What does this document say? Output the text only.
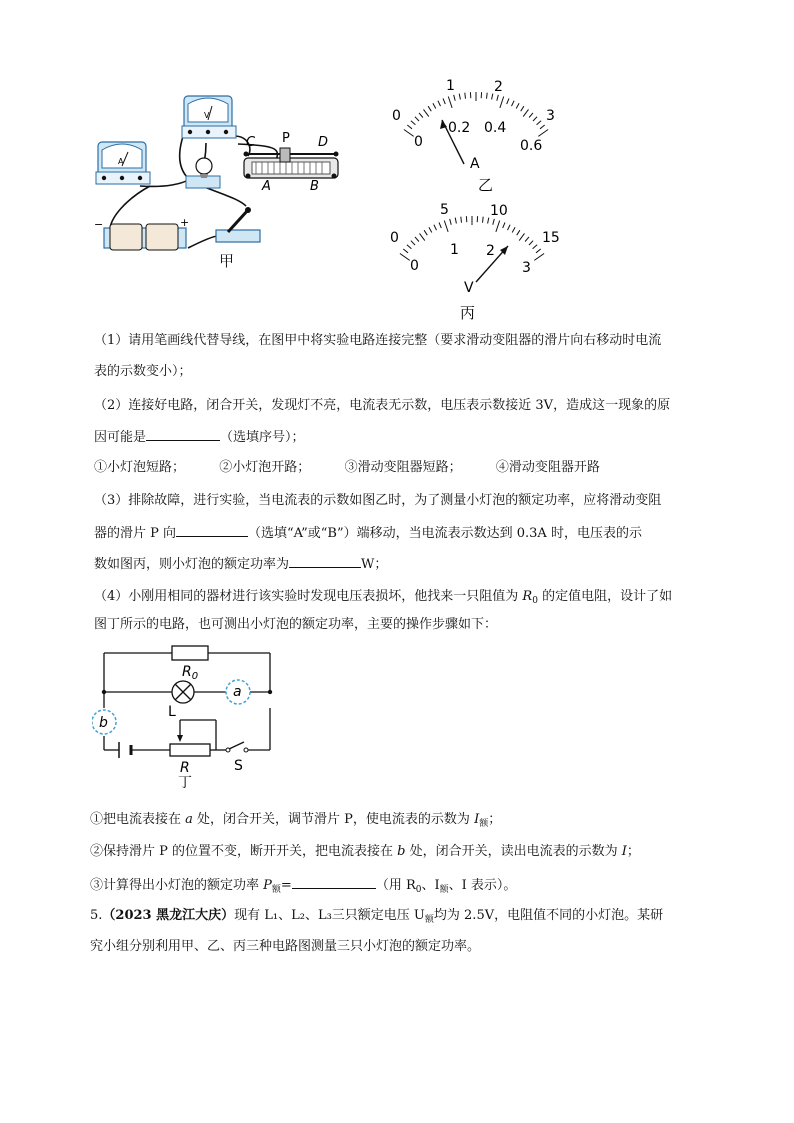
A
V
C P D
A	B
−	+
甲
0
1	2
3
0
0.2 0.4
0.6
A
乙
0
5	10
15
0
1 2
3
V
丙
（1）请用笔画线代替导线，在图甲中将实验电路连接完整（要求滑动变阻器的滑片向右移动时电流
表的示数变小）；
（2）连接好电路，闭合开关，发现灯不亮，电流表无示数，电压表示数接近 3V，造成这一现象的原
因可能是	（选填序号）；
①小灯泡短路；	②小灯泡开路；	③滑动变阻器短路；	④滑动变阻器开路
（3）排除故障，进行实验，当电流表的示数如图乙时，为了测量小灯泡的额定功率，应将滑动变阻
器的滑片 P 向	（选填“A”或“B”）端移动，当电流表示数达到 0.3A 时，电压表的示
数如图丙，则小灯泡的额定功率为	W；
（4）小刚用相同的器材进行该实验时发现电压表损坏，他找来一只阻值为 $R_0$ 的定值电阻，设计了如
图丁所示的电路，也可测出小灯泡的额定功率，主要的操作步骤如下：
$R_0$
L
a
b
R	S
丁
①把电流表接在 a 处，闭合开关，调节滑片 P，使电流表的示数为 $I_额$；
②保持滑片 P 的位置不变，断开开关，把电流表接在 b 处，闭合开关，读出电流表的示数为 I；
③计算得出小灯泡的额定功率 $P_额=$	（用 $R_0$、$I_额$、I 表示）。
5.（2023 黑龙江大庆）现有 L₁、L₂、L₃三只额定电压 $U_额$均为 2.5V，电阻值不同的小灯泡。某研
究小组分别利用甲、乙、丙三种电路图测量三只小灯泡的额定功率。
